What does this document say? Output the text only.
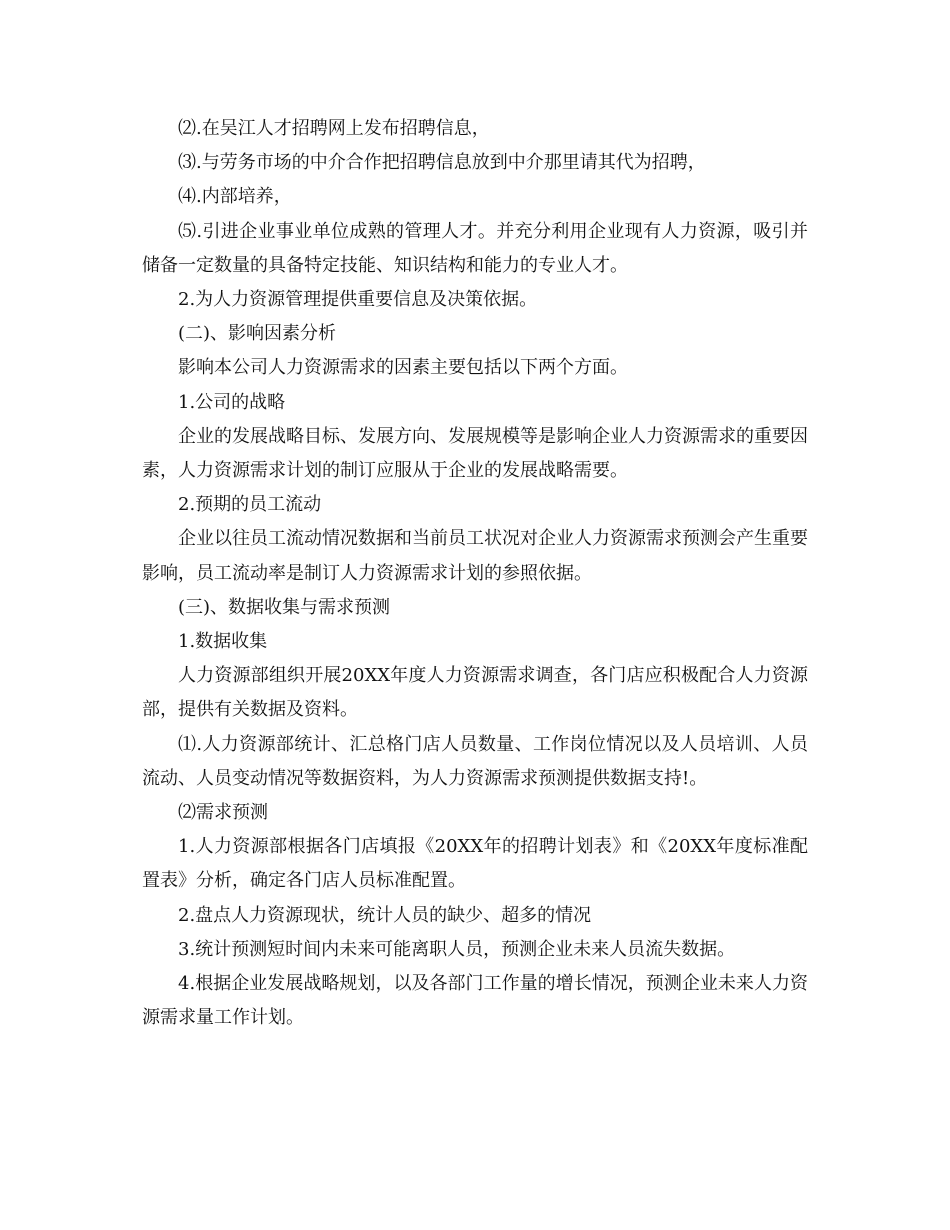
⑵.在吴江人才招聘网上发布招聘信息，

⑶.与劳务市场的中介合作把招聘信息放到中介那里请其代为招聘，

⑷.内部培养，

⑸.引进企业事业单位成熟的管理人才。并充分利用企业现有人力资源，吸引并储备一定数量的具备特定技能、知识结构和能力的专业人才。

2.为人力资源管理提供重要信息及决策依据。

(二)、影响因素分析

影响本公司人力资源需求的因素主要包括以下两个方面。

1.公司的战略

企业的发展战略目标、发展方向、发展规模等是影响企业人力资源需求的重要因素，人力资源需求计划的制订应服从于企业的发展战略需要。

2.预期的员工流动

企业以往员工流动情况数据和当前员工状况对企业人力资源需求预测会产生重要影响，员工流动率是制订人力资源需求计划的参照依据。

(三)、数据收集与需求预测

1.数据收集

人力资源部组织开展20XX年度人力资源需求调查，各门店应积极配合人力资源部，提供有关数据及资料。

⑴.人力资源部统计、汇总格门店人员数量、工作岗位情况以及人员培训、人员流动、人员变动情况等数据资料，为人力资源需求预测提供数据支持!。

⑵需求预测

1.人力资源部根据各门店填报《20XX年的招聘计划表》和《20XX年度标准配置表》分析，确定各门店人员标准配置。

2.盘点人力资源现状，统计人员的缺少、超多的情况

3.统计预测短时间内未来可能离职人员，预测企业未来人员流失数据。

4.根据企业发展战略规划，以及各部门工作量的增长情况，预测企业未来人力资源需求量工作计划。
